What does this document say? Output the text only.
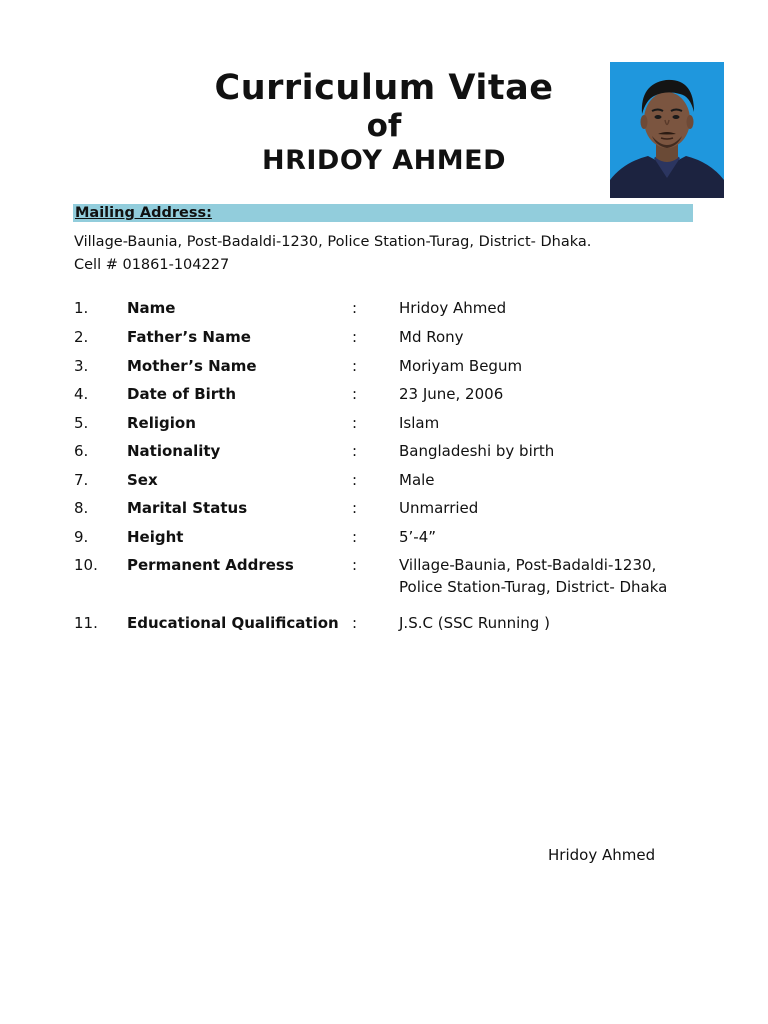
Curriculum Vitae
of
HRIDOY AHMED
Mailing Address:
Village-Baunia, Post-Badaldi-1230, Police Station-Turag, District- Dhaka.
Cell # 01861-104227
1.	Name	:	Hridoy Ahmed
2.	Father’s Name	:	Md Rony
3.	Mother’s Name	:	Moriyam Begum
4.	Date of Birth	:	23 June, 2006
5.	Religion	:	Islam
6.	Nationality	:	Bangladeshi by birth
7.	Sex	:	Male
8.	Marital Status	:	Unmarried
9.	Height	:	5’-4”
10. Permanent Address	:	Village-Baunia, Post-Badaldi-1230,
Police Station-Turag, District- Dhaka
11. Educational Qualification :	J.S.C (SSC Running )
Hridoy Ahmed
